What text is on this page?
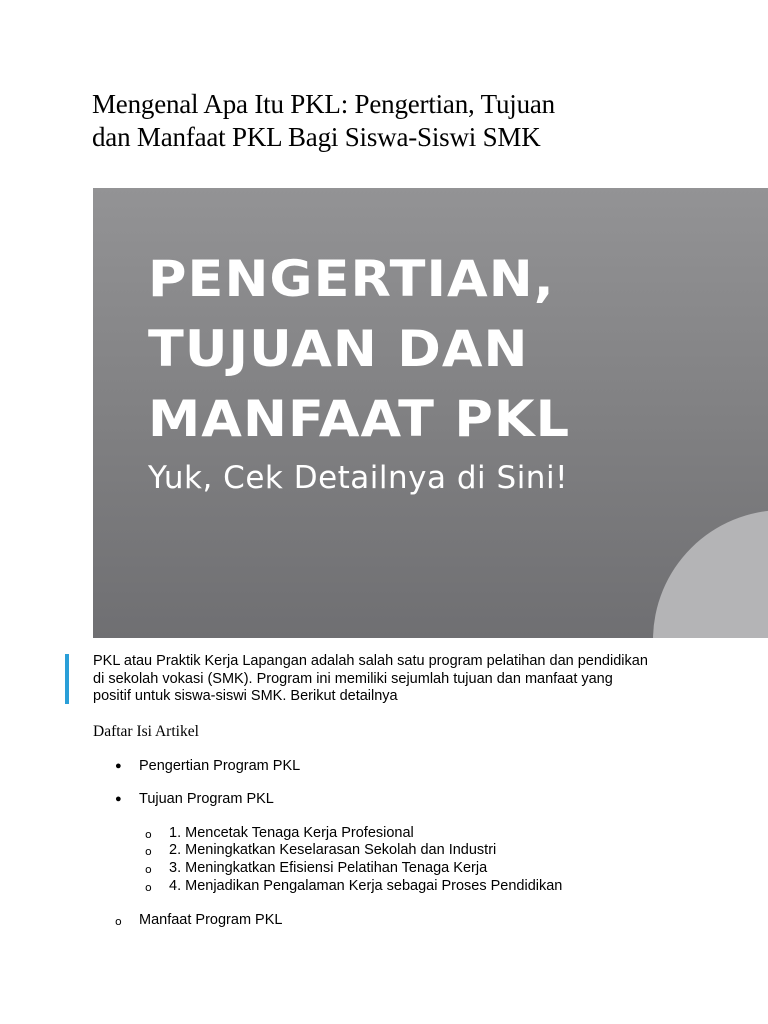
Mengenal Apa Itu PKL: Pengertian, Tujuan
dan Manfaat PKL Bagi Siswa-Siswi SMK
PENGERTIAN,
TUJUAN DAN
MANFAAT PKL
Yuk, Cek Detailnya di Sini!

PKL atau Praktik Kerja Lapangan adalah salah satu program pelatihan dan pendidikan di sekolah vokasi (SMK). Program ini memiliki sejumlah tujuan dan manfaat yang positif untuk siswa-siswi SMK. Berikut detailnya

Daftar Isi Artikel

● Pengertian Program PKL
● Tujuan Program PKL
o 1. Mencetak Tenaga Kerja Profesional
o 2. Meningkatkan Keselarasan Sekolah dan Industri
o 3. Meningkatkan Efisiensi Pelatihan Tenaga Kerja
o 4. Menjadikan Pengalaman Kerja sebagai Proses Pendidikan
o Manfaat Program PKL
